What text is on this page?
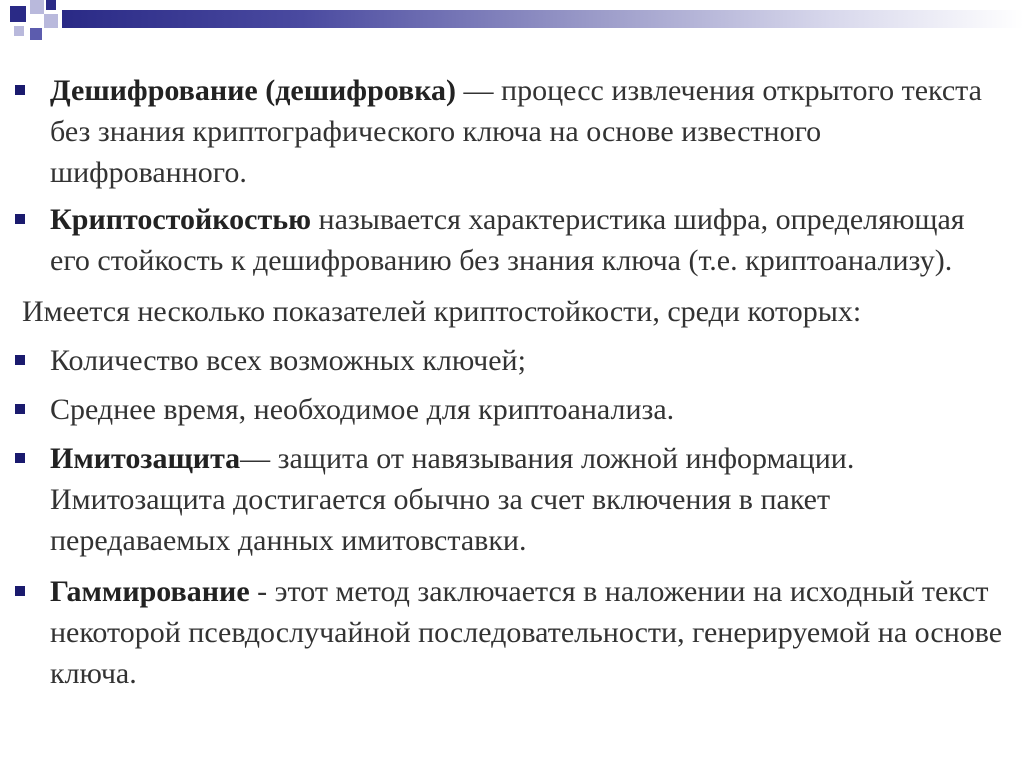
Дешифрование (дешифровка) — процесс извлечения открытого текста без знания криптографического ключа на основе известного шифрованного.
Криптостойкостью называется характеристика шифра, определяющая его стойкость к дешифрованию без знания ключа (т.е. криптоанализу).
Имеется несколько показателей криптостойкости, среди которых:
Количество всех возможных ключей;
Среднее время, необходимое для криптоанализа.
Имитозащита— защита от навязывания ложной информации. Имитозащита достигается обычно за счет включения в пакет передаваемых данных имитовставки.
Гаммирование - этот метод заключается в наложении на исходный текст некоторой псевдослучайной последовательности, генерируемой на основе ключа.
